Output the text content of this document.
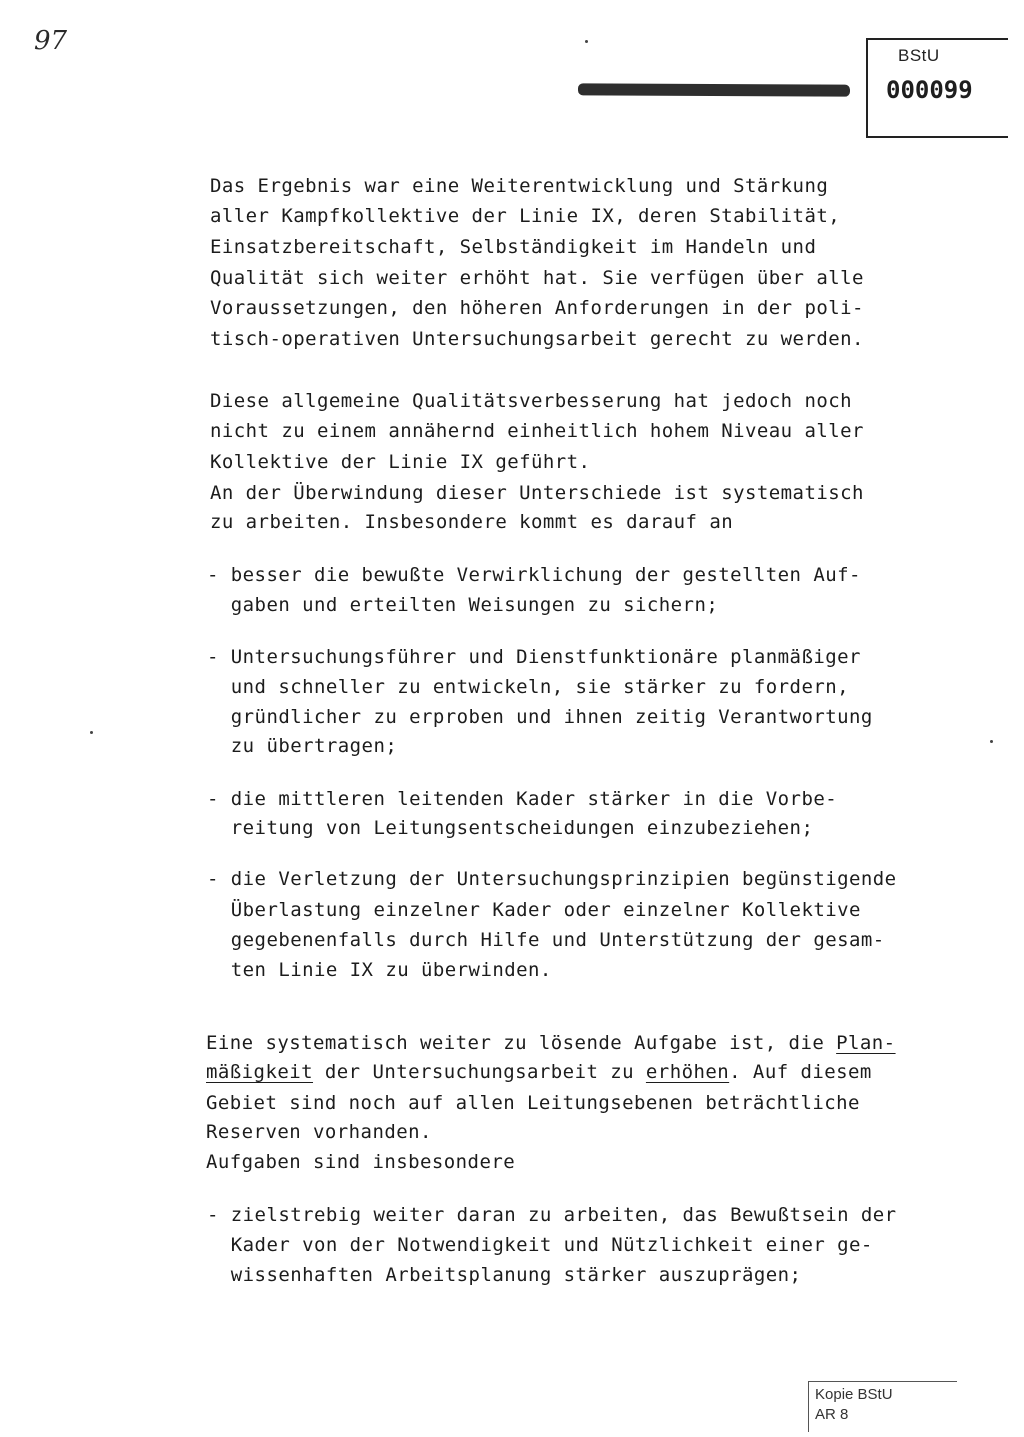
97	BStU
000099
Das Ergebnis war eine Weiterentwicklung und Stärkung
aller Kampfkollektive der Linie IX, deren Stabilität,
Einsatzbereitschaft, Selbständigkeit im Handeln und
Qualität sich weiter erhöht hat. Sie verfügen über alle
Voraussetzungen, den höheren Anforderungen in der poli-
tisch-operativen Untersuchungsarbeit gerecht zu werden.
Diese allgemeine Qualitätsverbesserung hat jedoch noch
nicht zu einem annähernd einheitlich hohem Niveau aller
Kollektive der Linie IX geführt.
An der Überwindung dieser Unterschiede ist systematisch
zu arbeiten. Insbesondere kommt es darauf an
- besser die bewußte Verwirklichung der gestellten Auf-
gaben und erteilten Weisungen zu sichern;
- Untersuchungsführer und Dienstfunktionäre planmäßiger
und schneller zu entwickeln, sie stärker zu fordern,
gründlicher zu erproben und ihnen zeitig Verantwortung
zu übertragen;
- die mittleren leitenden Kader stärker in die Vorbe-
reitung von Leitungsentscheidungen einzubeziehen;
- die Verletzung der Untersuchungsprinzipien begünstigende
Überlastung einzelner Kader oder einzelner Kollektive
gegebenenfalls durch Hilfe und Unterstützung der gesam-
ten Linie IX zu überwinden.
Eine systematisch weiter zu lösende Aufgabe ist, die Plan-
mäßigkeit der Untersuchungsarbeit zu erhöhen. Auf diesem
Gebiet sind noch auf allen Leitungsebenen beträchtliche
Reserven vorhanden.
Aufgaben sind insbesondere
- zielstrebig weiter daran zu arbeiten, das Bewußtsein der
Kader von der Notwendigkeit und Nützlichkeit einer ge-
wissenhaften Arbeitsplanung stärker auszuprägen;
Kopie BStU
AR 8
